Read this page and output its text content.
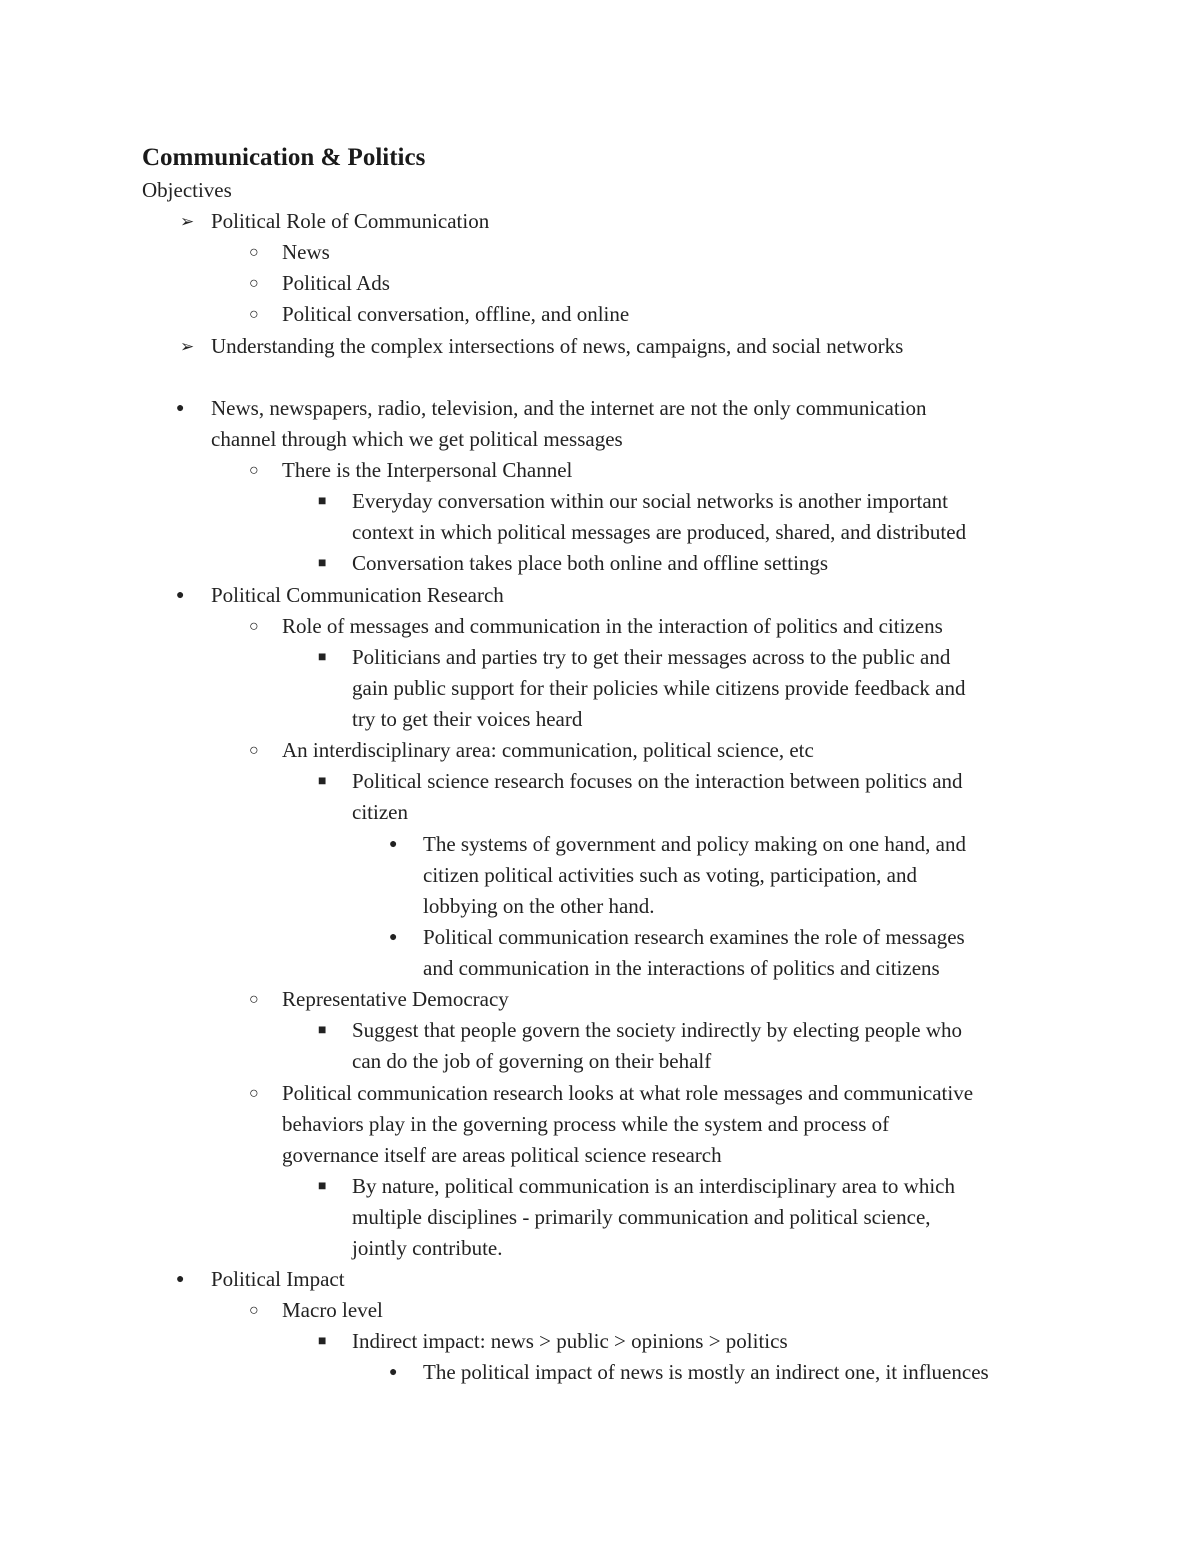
Communication & Politics
Objectives
➢ Political Role of Communication
○ News
○ Political Ads
○ Political conversation, offline, and online
➢ Understanding the complex intersections of news, campaigns, and social networks
● News, newspapers, radio, television, and the internet are not the only communication
channel through which we get political messages
○ There is the Interpersonal Channel
■ Everyday conversation within our social networks is another important
context in which political messages are produced, shared, and distributed
■ Conversation takes place both online and offline settings
● Political Communication Research
○ Role of messages and communication in the interaction of politics and citizens
■ Politicians and parties try to get their messages across to the public and
gain public support for their policies while citizens provide feedback and
try to get their voices heard
○ An interdisciplinary area: communication, political science, etc
■ Political science research focuses on the interaction between politics and
citizen
● The systems of government and policy making on one hand, and
citizen political activities such as voting, participation, and
lobbying on the other hand.
● Political communication research examines the role of messages
and communication in the interactions of politics and citizens
○ Representative Democracy
■ Suggest that people govern the society indirectly by electing people who
can do the job of governing on their behalf
○ Political communication research looks at what role messages and communicative
behaviors play in the governing process while the system and process of
governance itself are areas political science research
■ By nature, political communication is an interdisciplinary area to which
multiple disciplines - primarily communication and political science,
jointly contribute.
● Political Impact
○ Macro level
■ Indirect impact: news > public > opinions > politics
● The political impact of news is mostly an indirect one, it influences
